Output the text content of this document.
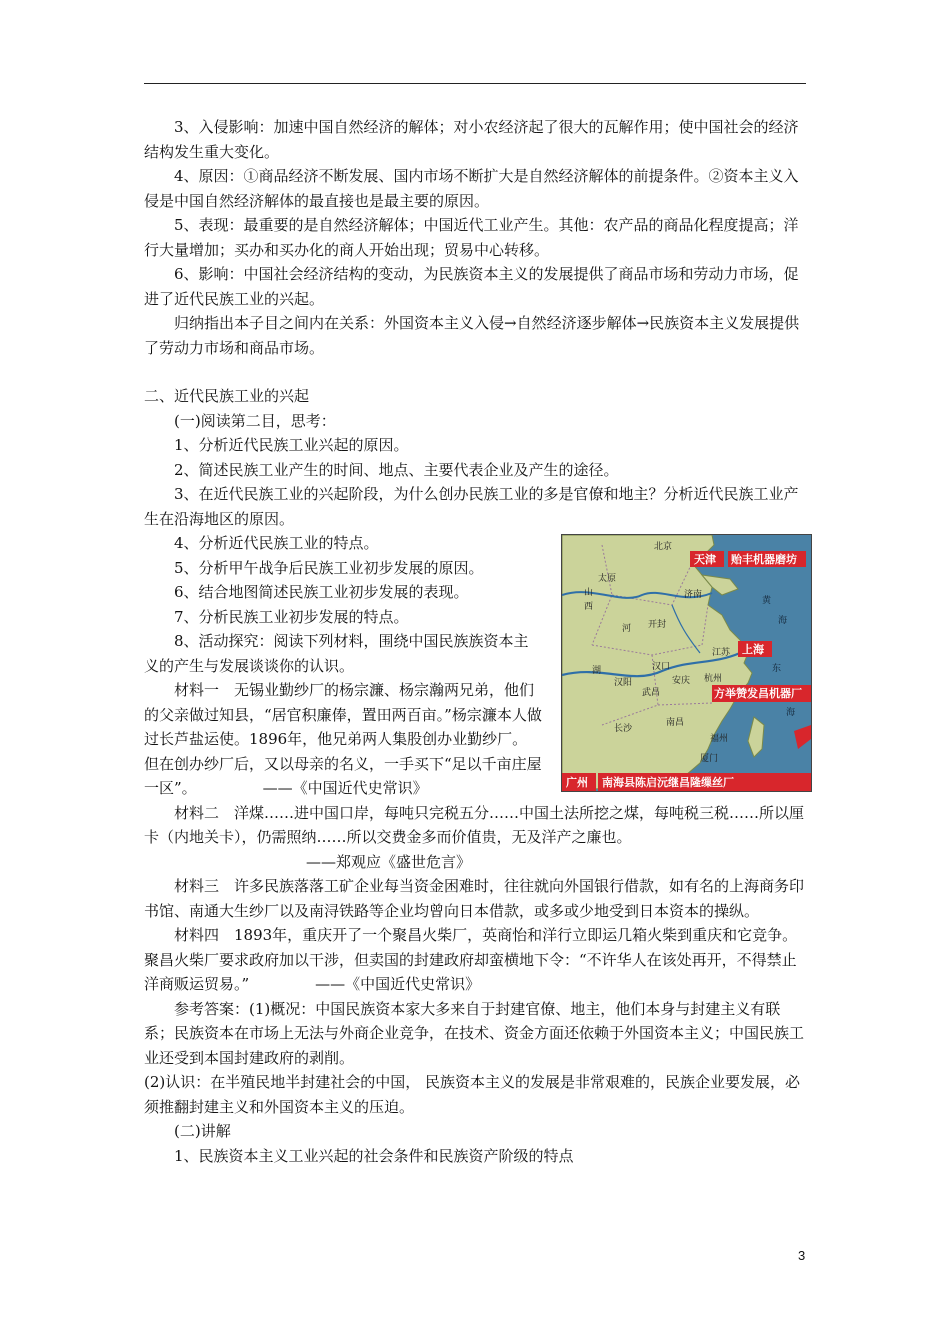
3、入侵影响：加速中国自然经济的解体；对小农经济起了很大的瓦解作用；使中国社会的经济结构发生重大变化。

4、原因：①商品经济不断发展、国内市场不断扩大是自然经济解体的前提条件。②资本主义入侵是中国自然经济解体的最直接也是最主要的原因。

5、表现：最重要的是自然经济解体；中国近代工业产生。其他：农产品的商品化程度提高；洋行大量增加；买办和买办化的商人开始出现；贸易中心转移。

6、影响：中国社会经济结构的变动，为民族资本主义的发展提供了商品市场和劳动力市场，促进了近代民族工业的兴起。

归纳指出本子目之间内在关系：外国资本主义入侵→自然经济逐步解体→民族资本主义发展提供了劳动力市场和商品市场。

二、近代民族工业的兴起

(一)阅读第二目，思考：

1、分析近代民族工业兴起的原因。

2、简述民族工业产生的时间、地点、主要代表企业及产生的途径。

3、在近代民族工业的兴起阶段，为什么创办民族工业的多是官僚和地主？分析近代民族工业产生在沿海地区的原因。

4、分析近代民族工业的特点。

5、分析甲午战争后民族工业初步发展的原因。

6、结合地图简述民族工业初步发展的表现。

7、分析民族工业初步发展的特点。

8、活动探究：阅读下列材料，围绕中国民族族资本主义的产生与发展谈谈你的认识。

材料一　无锡业勤纱厂的杨宗濂、杨宗瀚两兄弟，他们的父亲做过知县，“居官积廉俸，置田两百亩。”杨宗濂本人做过长芦盐运使。1896年，他兄弟两人集股创办业勤纱厂。但在创办纱厂后，又以母亲的名义，一手买下“足以千亩庄屋一区”。	——《中国近代史常识》

材料二　洋煤……进中国口岸，每吨只完税五分……中国土法所挖之煤，每吨税三税……所以厘卡（内地关卡），仍需照纳……所以交费金多而价值贵，无及洋产之廉也。
——郑观应《盛世危言》

材料三　许多民族落落工矿企业每当资金困难时，往往就向外国银行借款，如有名的上海商务印书馆、南通大生纱厂以及南浔铁路等企业均曾向日本借款，或多或少地受到日本资本的操纵。

材料四　1893年，重庆开了一个聚昌火柴厂，英商怡和洋行立即运几箱火柴到重庆和它竞争。聚昌火柴厂要求政府加以干涉，但卖国的封建政府却蛮横地下令：“不许华人在该处再开，不得禁止洋商贩运贸易。”	——《中国近代史常识》

参考答案：(1)概况：中国民族资本家大多来自于封建官僚、地主，他们本身与封建主义有联系；民族资本在市场上无法与外商企业竞争，在技术、资金方面还依赖于外国资本主义；中国民族工业还受到本国封建政府的剥削。

(2)认识：在半殖民地半封建社会的中国， 民族资本主义的发展是非常艰难的，民族企业要发展，必须推翻封建主义和外国资本主义的压迫。

(二)讲解

1、民族资本主义工业兴起的社会条件和民族资产阶级的特点

天津 贻丰机器磨坊
上海
方举赞发昌机器厂
广州 南海县陈启沅继昌隆缫丝厂
北京
山
西
太原
济南
河 开封
湖	汉口
汉阳
武昌
安庆 杭州
江苏
长沙
南昌
福州
厦门
黄
海
东
海
3
